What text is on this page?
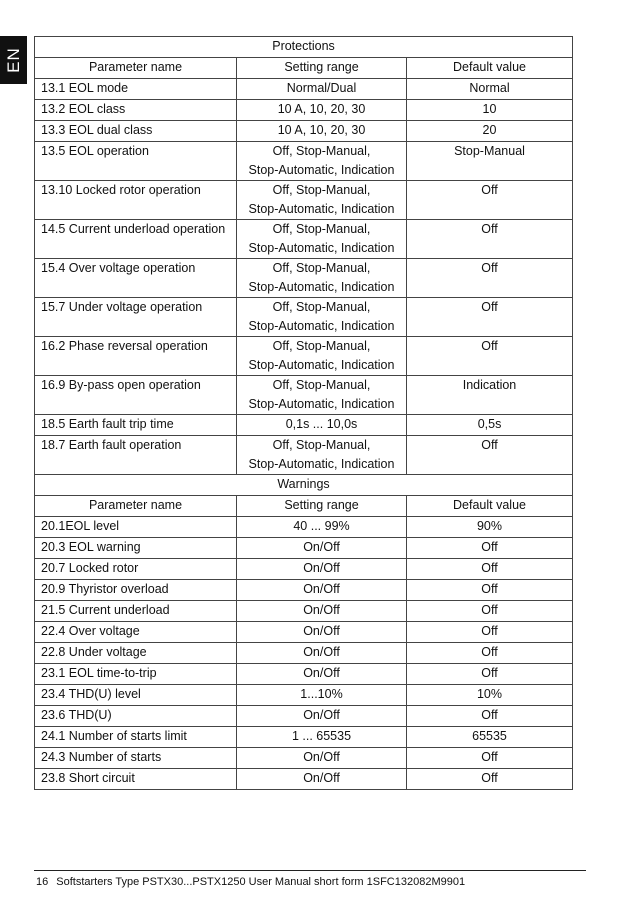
EN
Protections		
Parameter name	Setting range	Default value
13.1 EOL mode	Normal/Dual	Normal
13.2 EOL class	10 A, 10, 20, 30	10
13.3 EOL dual class	10 A, 10, 20, 30	20
13.5 EOL operation	Off, Stop-Manual,
Stop-Automatic, Indication	Stop-Manual
13.10 Locked rotor operation	Off, Stop-Manual,
Stop-Automatic, Indication	Off
14.5 Current underload operation	Off, Stop-Manual,
Stop-Automatic, Indication	Off
15.4 Over voltage operation	Off, Stop-Manual,
Stop-Automatic, Indication	Off
15.7 Under voltage operation	Off, Stop-Manual,
Stop-Automatic, Indication	Off
16.2 Phase reversal operation	Off, Stop-Manual,
Stop-Automatic, Indication	Off
16.9 By-pass open operation	Off, Stop-Manual,
Stop-Automatic, Indication	Indication
18.5 Earth fault trip time	0,1s ... 10,0s	0,5s
18.7 Earth fault operation	Off, Stop-Manual,
Stop-Automatic, Indication	Off
Warnings		
Parameter name	Setting range	Default value
20.1EOL level	40 ... 99%	90%
20.3 EOL warning	On/Off	Off
20.7 Locked rotor	On/Off	Off
20.9 Thyristor overload	On/Off	Off
21.5 Current underload	On/Off	Off
22.4 Over voltage	On/Off	Off
22.8 Under voltage	On/Off	Off
23.1 EOL time-to-trip	On/Off	Off
23.4 THD(U) level	1...10%	10%
23.6 THD(U)	On/Off	Off
24.1 Number of starts limit	1 ... 65535	65535
24.3 Number of starts	On/Off	Off
23.8 Short circuit	On/Off	Off
16 Softstarters Type PSTX30...PSTX1250 User Manual short form 1SFC132082M9901
